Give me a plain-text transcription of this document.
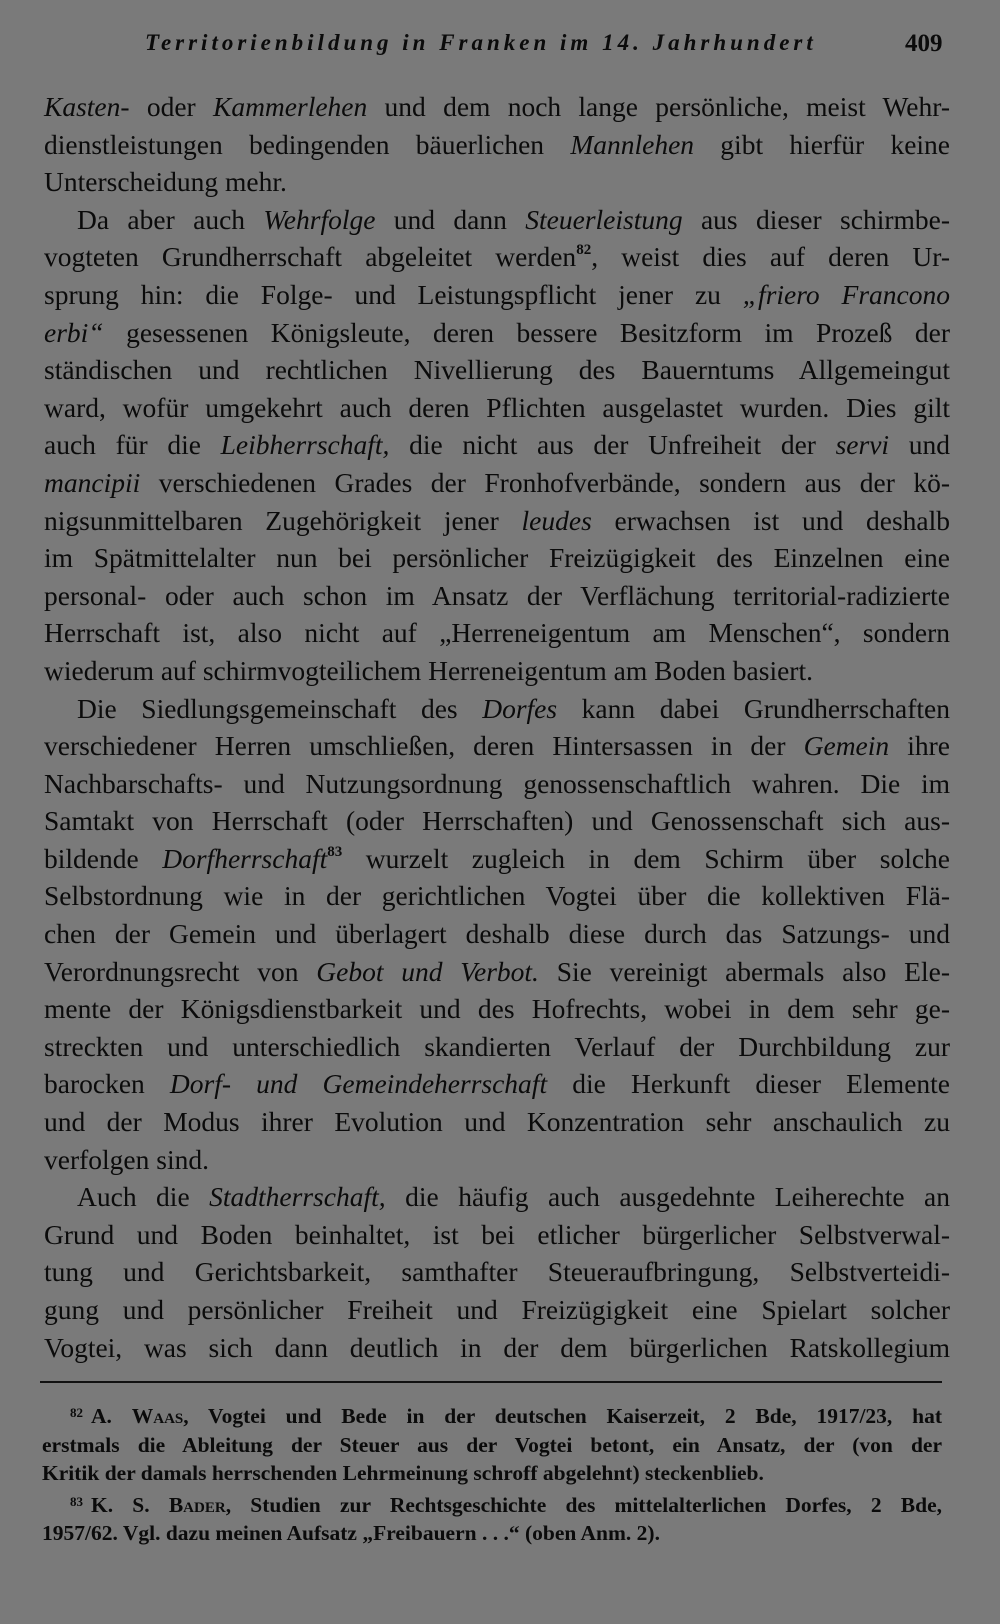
Territorienbildung in Franken im 14. Jahrhundert	409

Kasten- oder Kammerlehen und dem noch lange persönliche, meist Wehr-
dienstleistungen bedingenden bäuerlichen Mannlehen gibt hierfür keine
Unterscheidung mehr.

Da aber auch Wehrfolge und dann Steuerleistung aus dieser schirmbe-
vogteten Grundherrschaft abgeleitet werden$^{82}$, weist dies auf deren Ur-
sprung hin: die Folge- und Leistungspflicht jener zu „friero Francono
erbi“ gesessenen Königsleute, deren bessere Besitzform im Prozeß der
ständischen und rechtlichen Nivellierung des Bauerntums Allgemeingut
ward, wofür umgekehrt auch deren Pflichten ausgelastet wurden. Dies gilt
auch für die Leibherrschaft, die nicht aus der Unfreiheit der servi und
mancipii verschiedenen Grades der Fronhofverbände, sondern aus der kö-
nigsunmittelbaren Zugehörigkeit jener leudes erwachsen ist und deshalb
im Spätmittelalter nun bei persönlicher Freizügigkeit des Einzelnen eine
personal- oder auch schon im Ansatz der Verflächung territorial-radizierte
Herrschaft ist, also nicht auf „Herreneigentum am Menschen“, sondern
wiederum auf schirmvogteilichem Herreneigentum am Boden basiert.

Die Siedlungsgemeinschaft des Dorfes kann dabei Grundherrschaften
verschiedener Herren umschließen, deren Hintersassen in der Gemein ihre
Nachbarschafts- und Nutzungsordnung genossenschaftlich wahren. Die im
Samtakt von Herrschaft (oder Herrschaften) und Genossenschaft sich aus-
bildende Dorfherrschaft$^{83}$ wurzelt zugleich in dem Schirm über solche
Selbstordnung wie in der gerichtlichen Vogtei über die kollektiven Flä-
chen der Gemein und überlagert deshalb diese durch das Satzungs- und
Verordnungsrecht von Gebot und Verbot. Sie vereinigt abermals also Ele-
mente der Königsdienstbarkeit und des Hofrechts, wobei in dem sehr ge-
streckten und unterschiedlich skandierten Verlauf der Durchbildung zur
barocken Dorf- und Gemeindeherrschaft die Herkunft dieser Elemente
und der Modus ihrer Evolution und Konzentration sehr anschaulich zu
verfolgen sind.

Auch die Stadtherrschaft, die häufig auch ausgedehnte Leiherechte an
Grund und Boden beinhaltet, ist bei etlicher bürgerlicher Selbstverwal-
tung und Gerichtsbarkeit, samthafter Steueraufbringung, Selbstverteidi-
gung und persönlicher Freiheit und Freizügigkeit eine Spielart solcher
Vogtei, was sich dann deutlich in der dem bürgerlichen Ratskollegium

$^{82}$ A. Waas, Vogtei und Bede in der deutschen Kaiserzeit, 2 Bde, 1917/23, hat
erstmals die Ableitung der Steuer aus der Vogtei betont, ein Ansatz, der (von der
Kritik der damals herrschenden Lehrmeinung schroff abgelehnt) steckenblieb.
$^{83}$ K. S. Bader, Studien zur Rechtsgeschichte des mittelalterlichen Dorfes, 2 Bde,
1957/62. Vgl. dazu meinen Aufsatz „Freibauern . . .“ (oben Anm. 2).
